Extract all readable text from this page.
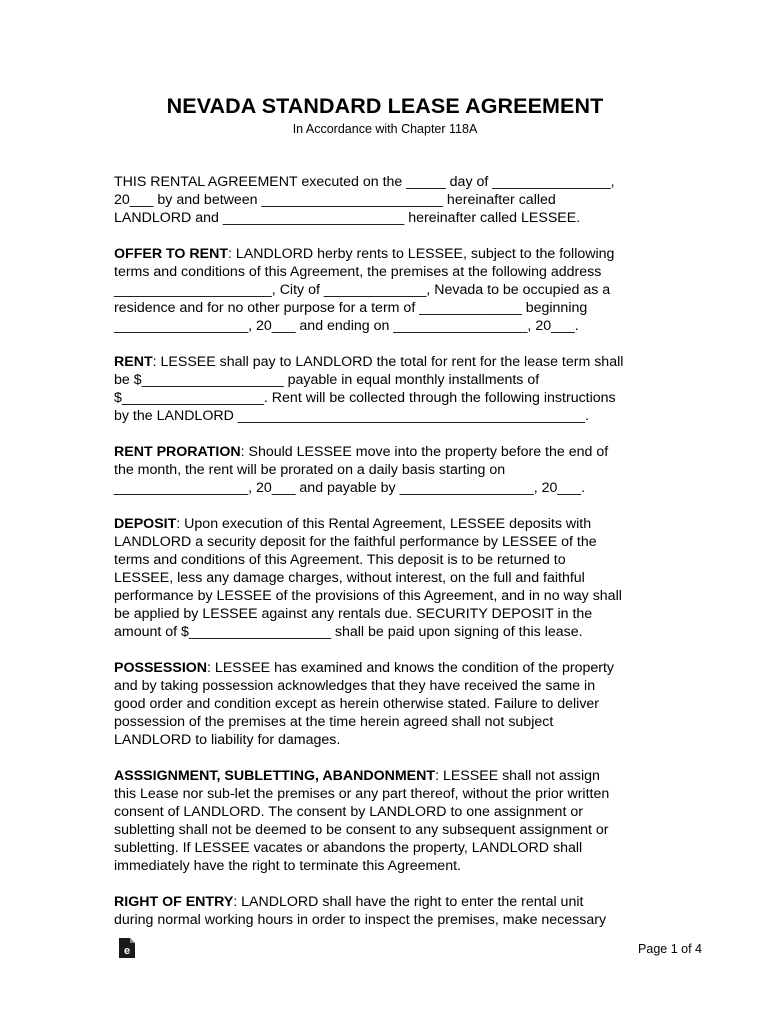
NEVADA STANDARD LEASE AGREEMENT
In Accordance with Chapter 118A
THIS RENTAL AGREEMENT executed on the _____ day of _______________,
20___ by and between _______________________ hereinafter called
LANDLORD and _______________________ hereinafter called LESSEE.
OFFER TO RENT: LANDLORD herby rents to LESSEE, subject to the following
terms and conditions of this Agreement, the premises at the following address
____________________, City of _____________, Nevada to be occupied as a
residence and for no other purpose for a term of _____________ beginning
_________________, 20___ and ending on _________________, 20___.
RENT: LESSEE shall pay to LANDLORD the total for rent for the lease term shall
be $__________________ payable in equal monthly installments of
$__________________. Rent will be collected through the following instructions
by the LANDLORD ____________________________________________.
RENT PRORATION: Should LESSEE move into the property before the end of
the month, the rent will be prorated on a daily basis starting on
_________________, 20___ and payable by _________________, 20___.
DEPOSIT: Upon execution of this Rental Agreement, LESSEE deposits with
LANDLORD a security deposit for the faithful performance by LESSEE of the
terms and conditions of this Agreement. This deposit is to be returned to
LESSEE, less any damage charges, without interest, on the full and faithful
performance by LESSEE of the provisions of this Agreement, and in no way shall
be applied by LESSEE against any rentals due. SECURITY DEPOSIT in the
amount of $__________________ shall be paid upon signing of this lease.
POSSESSION: LESSEE has examined and knows the condition of the property
and by taking possession acknowledges that they have received the same in
good order and condition except as herein otherwise stated. Failure to deliver
possession of the premises at the time herein agreed shall not subject
LANDLORD to liability for damages.
ASSSIGNMENT, SUBLETTING, ABANDONMENT: LESSEE shall not assign
this Lease nor sub-let the premises or any part thereof, without the prior written
consent of LANDLORD. The consent by LANDLORD to one assignment or
subletting shall not be deemed to be consent to any subsequent assignment or
subletting. If LESSEE vacates or abandons the property, LANDLORD shall
immediately have the right to terminate this Agreement.
RIGHT OF ENTRY: LANDLORD shall have the right to enter the rental unit
during normal working hours in order to inspect the premises, make necessary
e	Page 1 of 4
